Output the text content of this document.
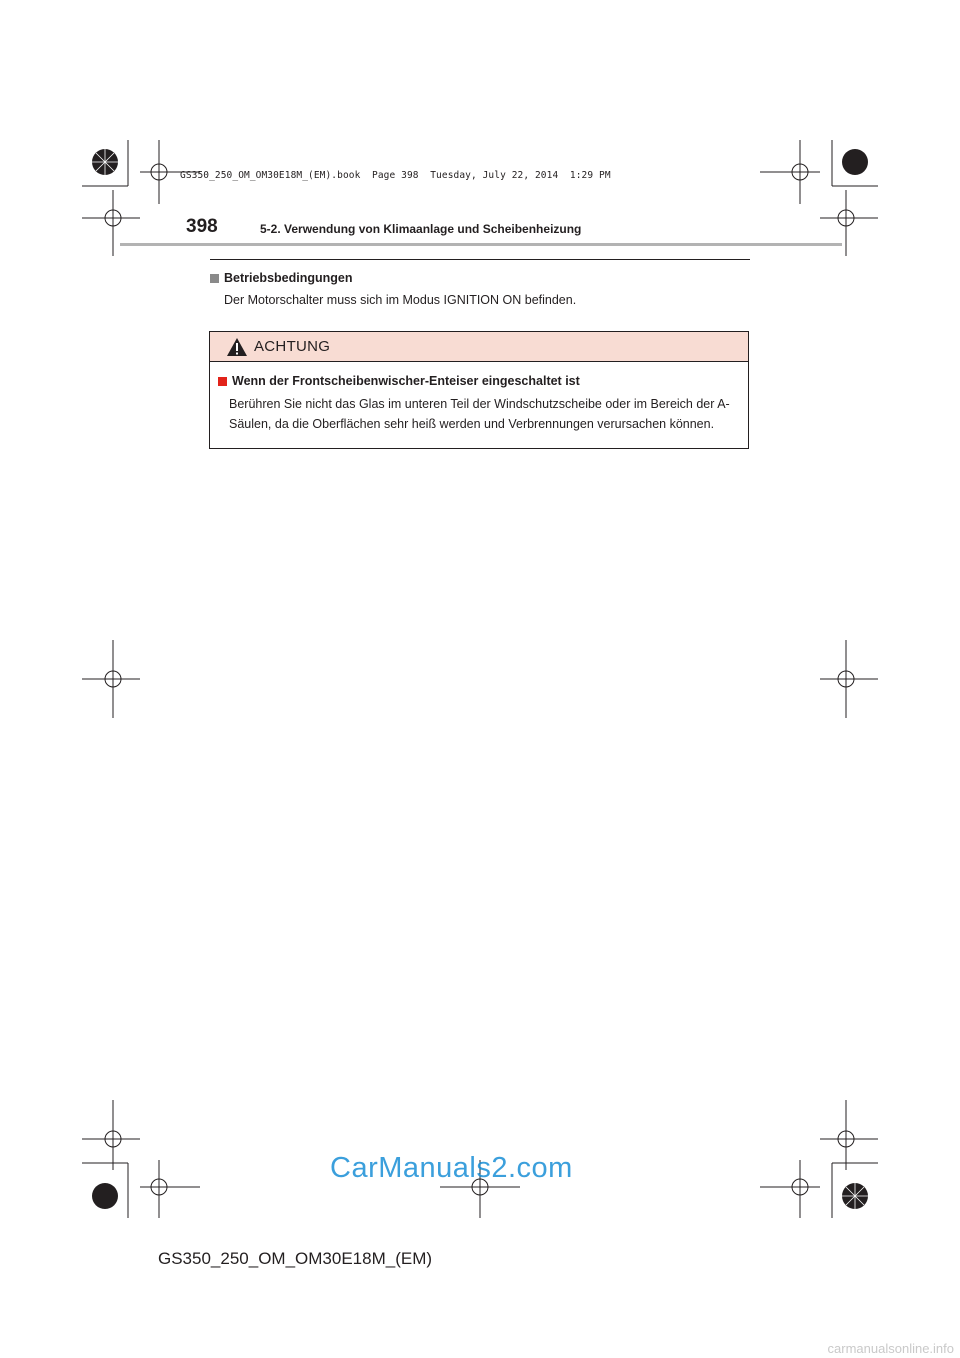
GS350_250_OM_OM30E18M_(EM).book  Page 398  Tuesday, July 22, 2014  1:29 PM
398	5-2. Verwendung von Klimaanlage und Scheibenheizung
Betriebsbedingungen
Der Motorschalter muss sich im Modus IGNITION ON befinden.
ACHTUNG
Wenn der Frontscheibenwischer-Enteiser eingeschaltet ist
Berühren Sie nicht das Glas im unteren Teil der Windschutzscheibe oder im Bereich der A-Säulen, da die Oberflächen sehr heiß werden und Verbrennungen verursachen können.
CarManuals2.com
GS350_250_OM_OM30E18M_(EM)
carmanualsonline.info
